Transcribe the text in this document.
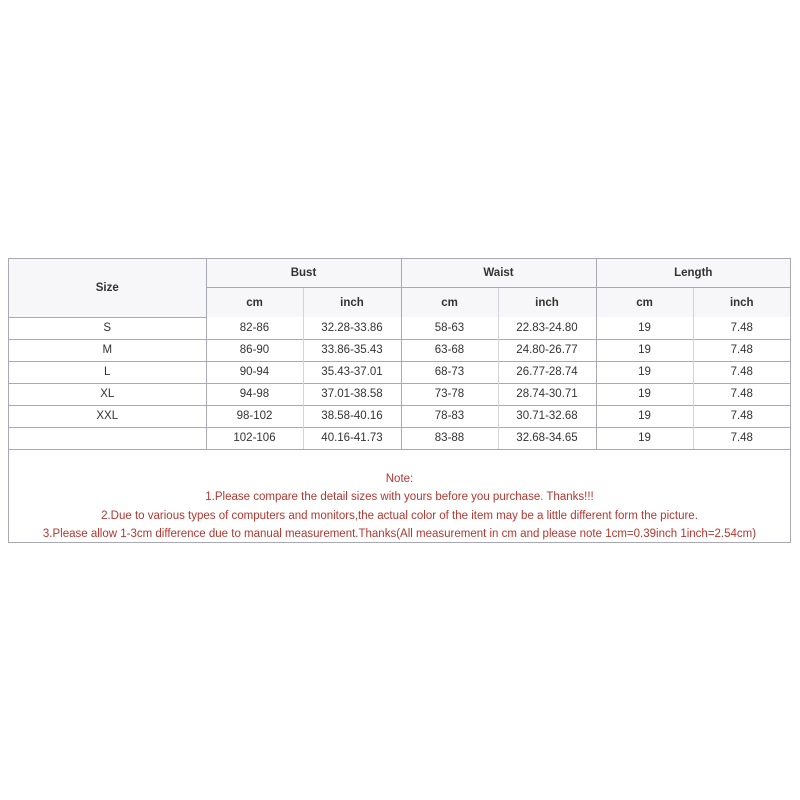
Size	Bust		Waist		Length	
	cm	inch	cm	inch	cm	inch
S	82-86	32.28-33.86	58-63	22.83-24.80	19	7.48
M	86-90	33.86-35.43	63-68	24.80-26.77	19	7.48
L	90-94	35.43-37.01	68-73	26.77-28.74	19	7.48
XL	94-98	37.01-38.58	73-78	28.74-30.71	19	7.48
XXL	98-102	38.58-40.16	78-83	30.71-32.68	19	7.48
	102-106	40.16-41.73	83-88	32.68-34.65	19	7.48
Note:
1.Please compare the detail sizes with yours before you purchase. Thanks!!!
2.Due to various types of computers and monitors,the actual color of the item may be a little different form the picture.
3.Please allow 1-3cm difference due to manual measurement.Thanks(All measurement in cm and please note 1cm=0.39inch 1inch=2.54cm)
